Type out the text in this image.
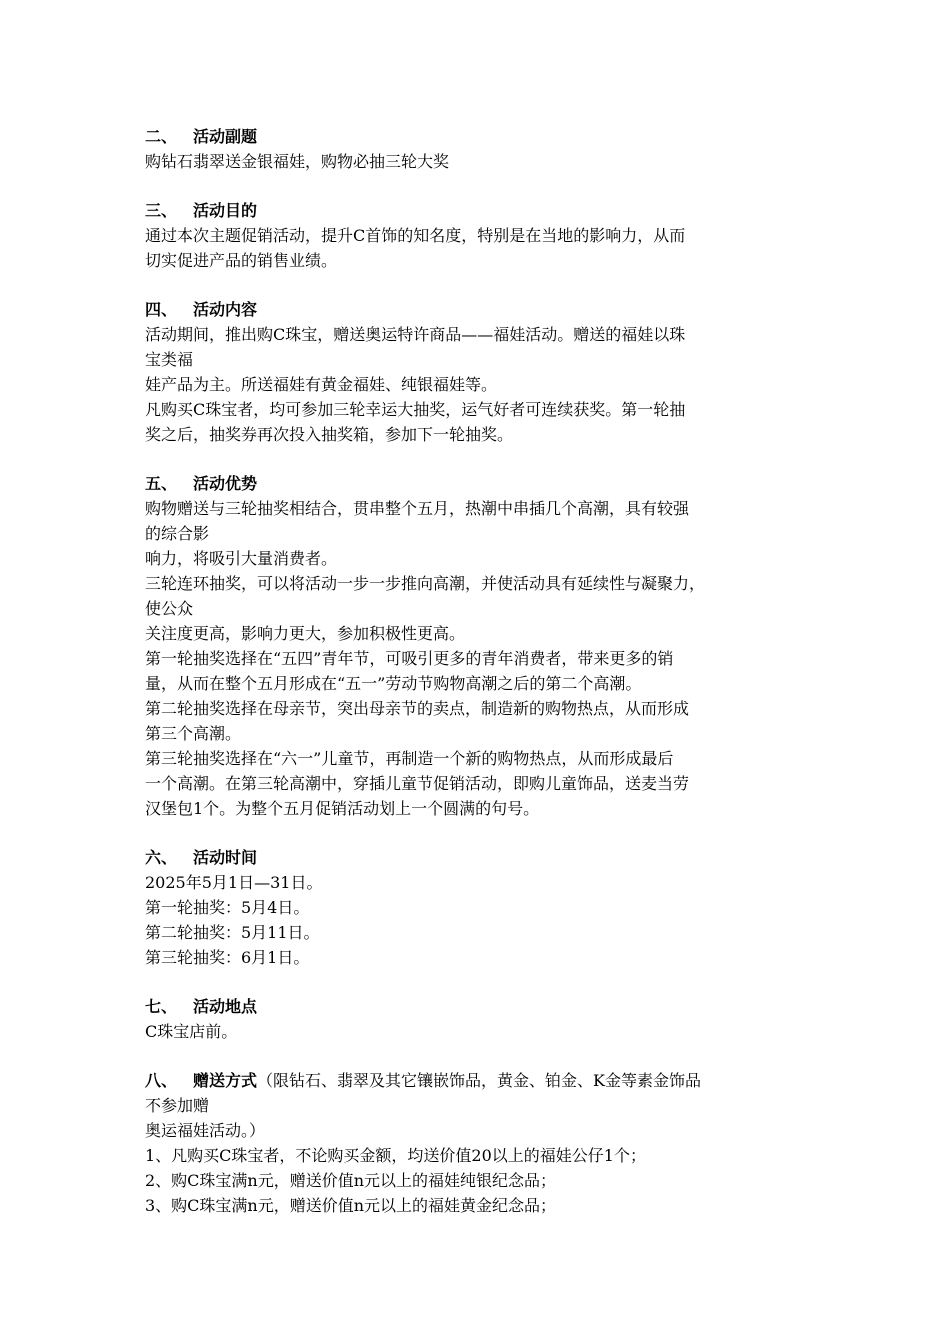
二、 活动副题

购钻石翡翠送金银福娃，购物必抽三轮大奖

三、 活动目的

通过本次主题促销活动，提升C首饰的知名度，特别是在当地的影响力，从而

切实促进产品的销售业绩。

四、 活动内容

活动期间，推出购C珠宝，赠送奥运特许商品——福娃活动。赠送的福娃以珠

宝类福

娃产品为主。所送福娃有黄金福娃、纯银福娃等。

凡购买C珠宝者，均可参加三轮幸运大抽奖，运气好者可连续获奖。第一轮抽

奖之后，抽奖券再次投入抽奖箱，参加下一轮抽奖。

五、 活动优势

购物赠送与三轮抽奖相结合，贯串整个五月，热潮中串插几个高潮，具有较强

的综合影

响力，将吸引大量消费者。

三轮连环抽奖，可以将活动一步一步推向高潮，并使活动具有延续性与凝聚力，

使公众

关注度更高，影响力更大，参加积极性更高。

第一轮抽奖选择在“五四”青年节，可吸引更多的青年消费者，带来更多的销

量，从而在整个五月形成在“五一”劳动节购物高潮之后的第二个高潮。

第二轮抽奖选择在母亲节，突出母亲节的卖点，制造新的购物热点，从而形成

第三个高潮。

第三轮抽奖选择在“六一”儿童节，再制造一个新的购物热点，从而形成最后

一个高潮。在第三轮高潮中，穿插儿童节促销活动，即购儿童饰品，送麦当劳

汉堡包1个。为整个五月促销活动划上一个圆满的句号。

六、 活动时间

2025年5月1日—31日。

第一轮抽奖：5月4日。

第二轮抽奖：5月11日。

第三轮抽奖：6月1日。

七、 活动地点

C珠宝店前。

八、 赠送方式（限钻石、翡翠及其它镶嵌饰品，黄金、铂金、K金等素金饰品

不参加赠

奥运福娃活动。）

1、凡购买C珠宝者，不论购买金额，均送价值20以上的福娃公仔1个；

2、购C珠宝满n元，赠送价值n元以上的福娃纯银纪念品；

3、购C珠宝满n元，赠送价值n元以上的福娃黄金纪念品；
